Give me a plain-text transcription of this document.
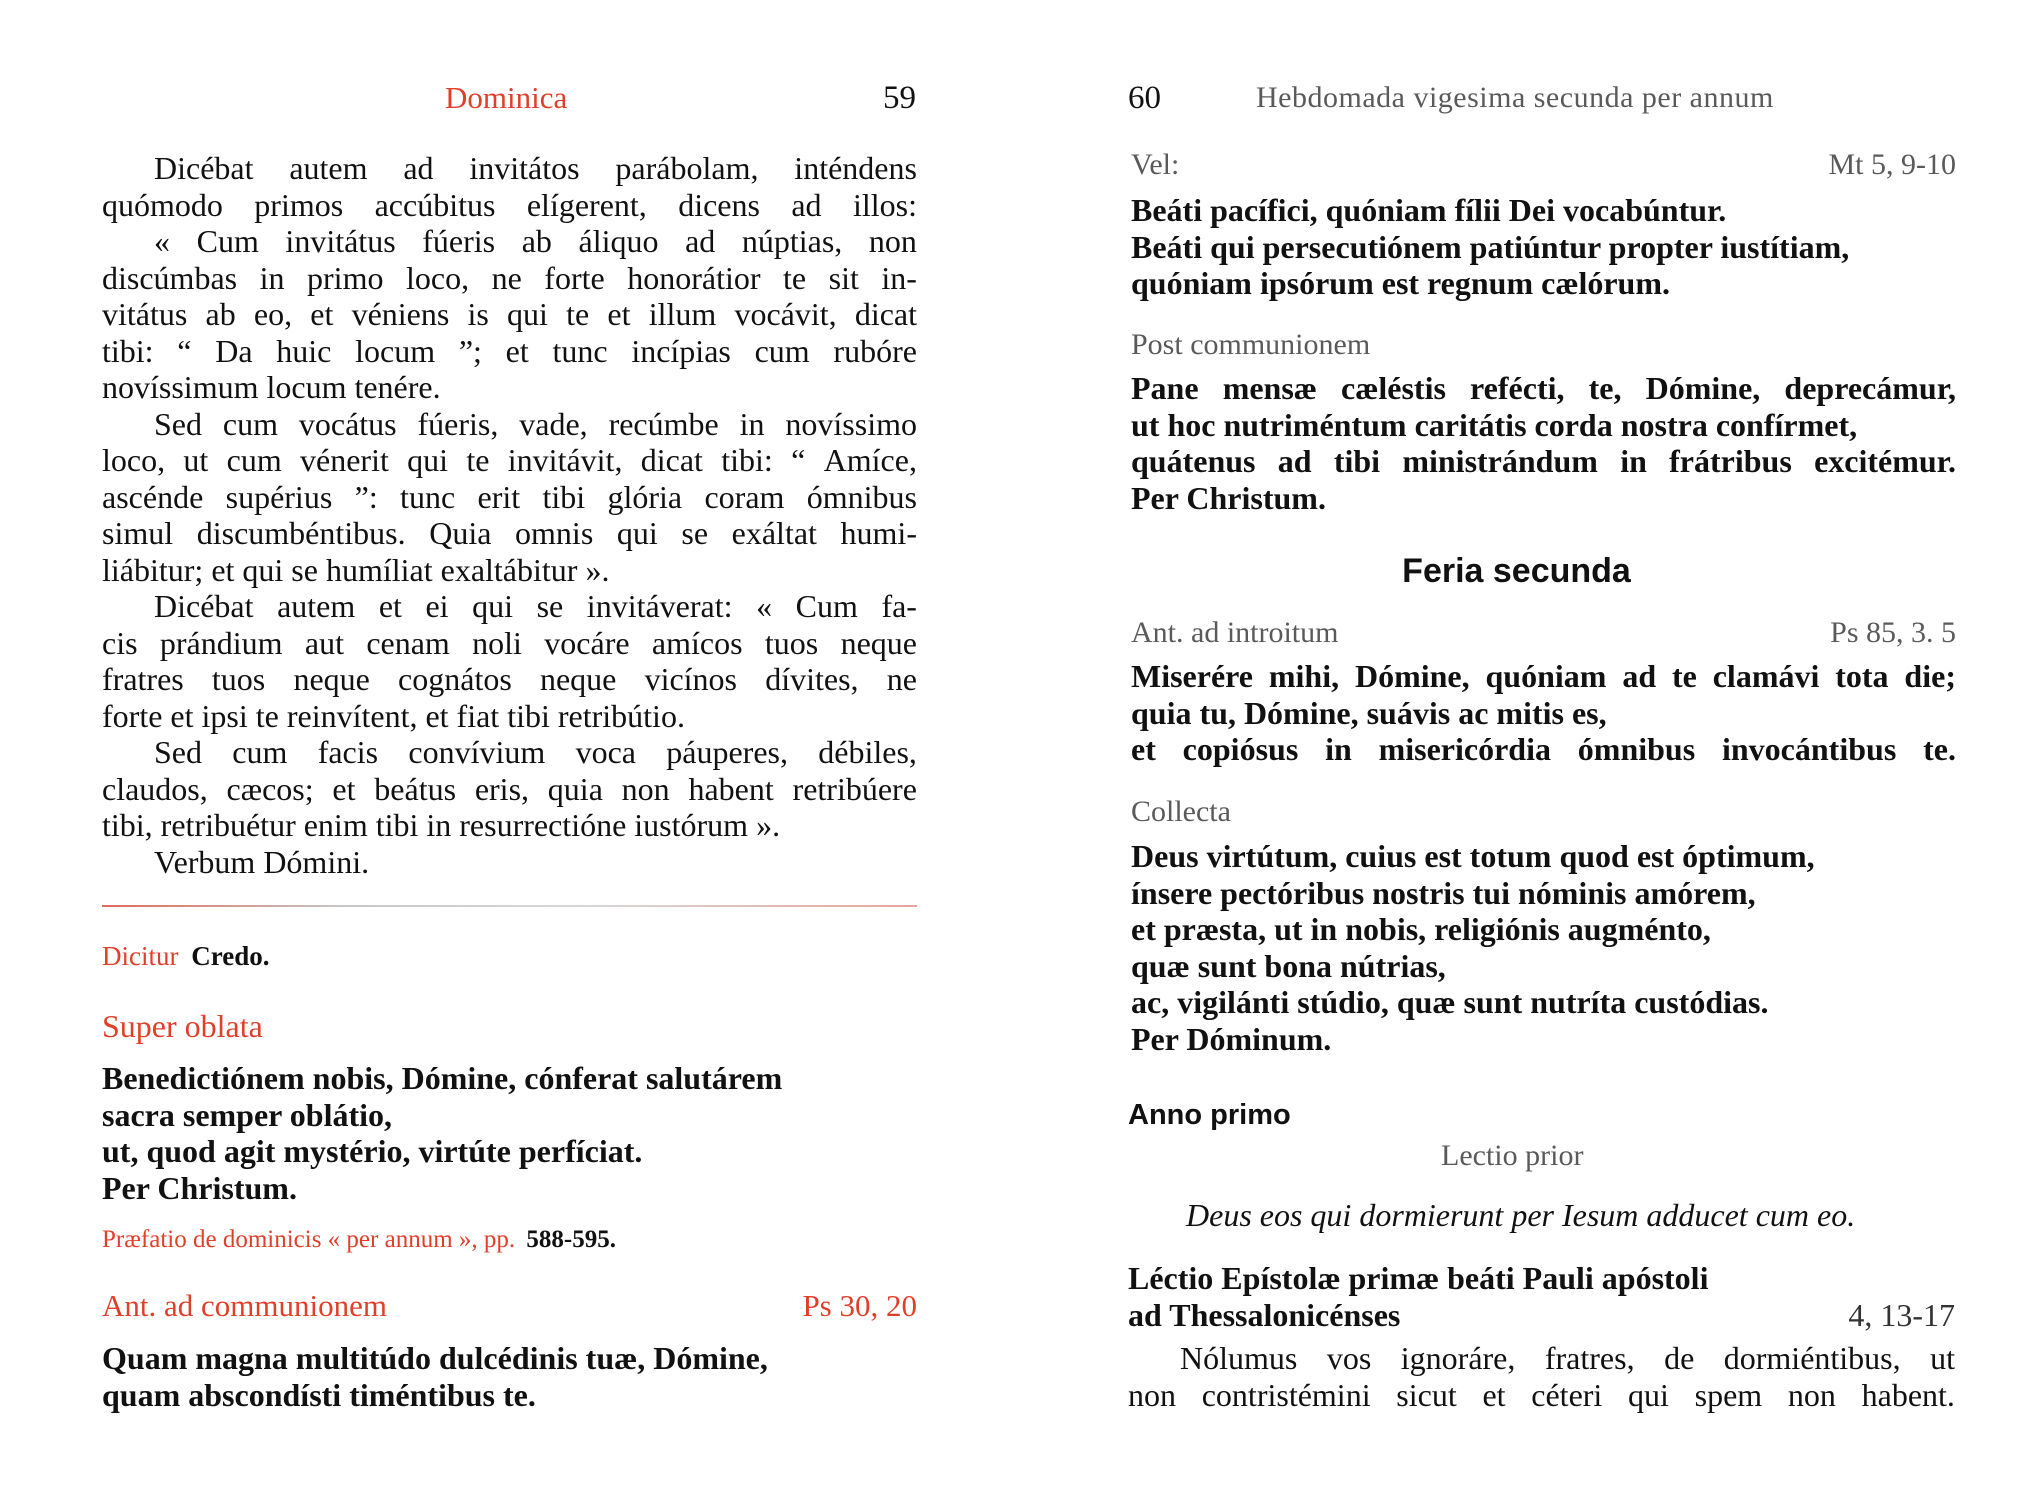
Dominica	59
Dicébat autem ad invitátos parábolam, inténdens
quómodo primos accúbitus elígerent, dicens ad illos:
« Cum invitátus fúeris ab áliquo ad núptias, non
discúmbas in primo loco, ne forte honorátior te sit in-
vitátus ab eo, et véniens is qui te et illum vocávit, dicat
tibi: “ Da huic locum ”; et tunc incípias cum rubóre
novíssimum locum tenére.
Sed cum vocátus fúeris, vade, recúmbe in novíssimo
loco, ut cum vénerit qui te invitávit, dicat tibi: “ Amíce,
ascénde supérius ”: tunc erit tibi glória coram ómnibus
simul discumbéntibus. Quia omnis qui se exáltat humi-
liábitur; et qui se humíliat exaltábitur ».
Dicébat autem et ei qui se invitáverat: « Cum fa-
cis prándium aut cenam noli vocáre amícos tuos neque
fratres tuos neque cognátos neque vicínos dívites, ne
forte et ipsi te reinvítent, et fiat tibi retribútio.
Sed cum facis convívium voca páuperes, débiles,
claudos, cæcos; et beátus eris, quia non habent retribúere
tibi, retribuétur enim tibi in resurrectióne iustórum ».
Verbum Dómini.
Dicitur Credo.
Super oblata
Benedictiónem nobis, Dómine, cónferat salutárem
sacra semper oblátio,
ut, quod agit mystério, virtúte perfíciat.
Per Christum.
Præfatio de dominicis « per annum », pp. 588-595.
Ant. ad communionem	Ps 30, 20
Quam magna multitúdo dulcédinis tuæ, Dómine,
quam abscondísti timéntibus te.
60	Hebdomada vigesima secunda per annum
Vel:	Mt 5, 9-10
Beáti pacífici, quóniam fílii Dei vocabúntur.
Beáti qui persecutiónem patiúntur propter iustítiam,
quóniam ipsórum est regnum cælórum.
Post communionem
Pane mensæ cæléstis refécti, te, Dómine, deprecámur,
ut hoc nutriméntum caritátis corda nostra confírmet,
quátenus ad tibi ministrándum in frátribus excitémur.
Per Christum.
Feria secunda
Ant. ad introitum	Ps 85, 3. 5
Miserére mihi, Dómine, quóniam ad te clamávi tota die;
quia tu, Dómine, suávis ac mitis es,
et copiósus in misericórdia ómnibus invocántibus te.
Collecta
Deus virtútum, cuius est totum quod est óptimum,
ínsere pectóribus nostris tui nóminis amórem,
et præsta, ut in nobis, religiónis augménto,
quæ sunt bona nútrias,
ac, vigilánti stúdio, quæ sunt nutríta custódias.
Per Dóminum.
Anno primo
Lectio prior
Deus eos qui dormierunt per Iesum adducet cum eo.
Léctio Epístolæ primæ beáti Pauli apóstoli
ad Thessalonicénses	4, 13-17
Nólumus vos ignoráre, fratres, de dormiéntibus, ut
non contristémini sicut et céteri qui spem non habent.
